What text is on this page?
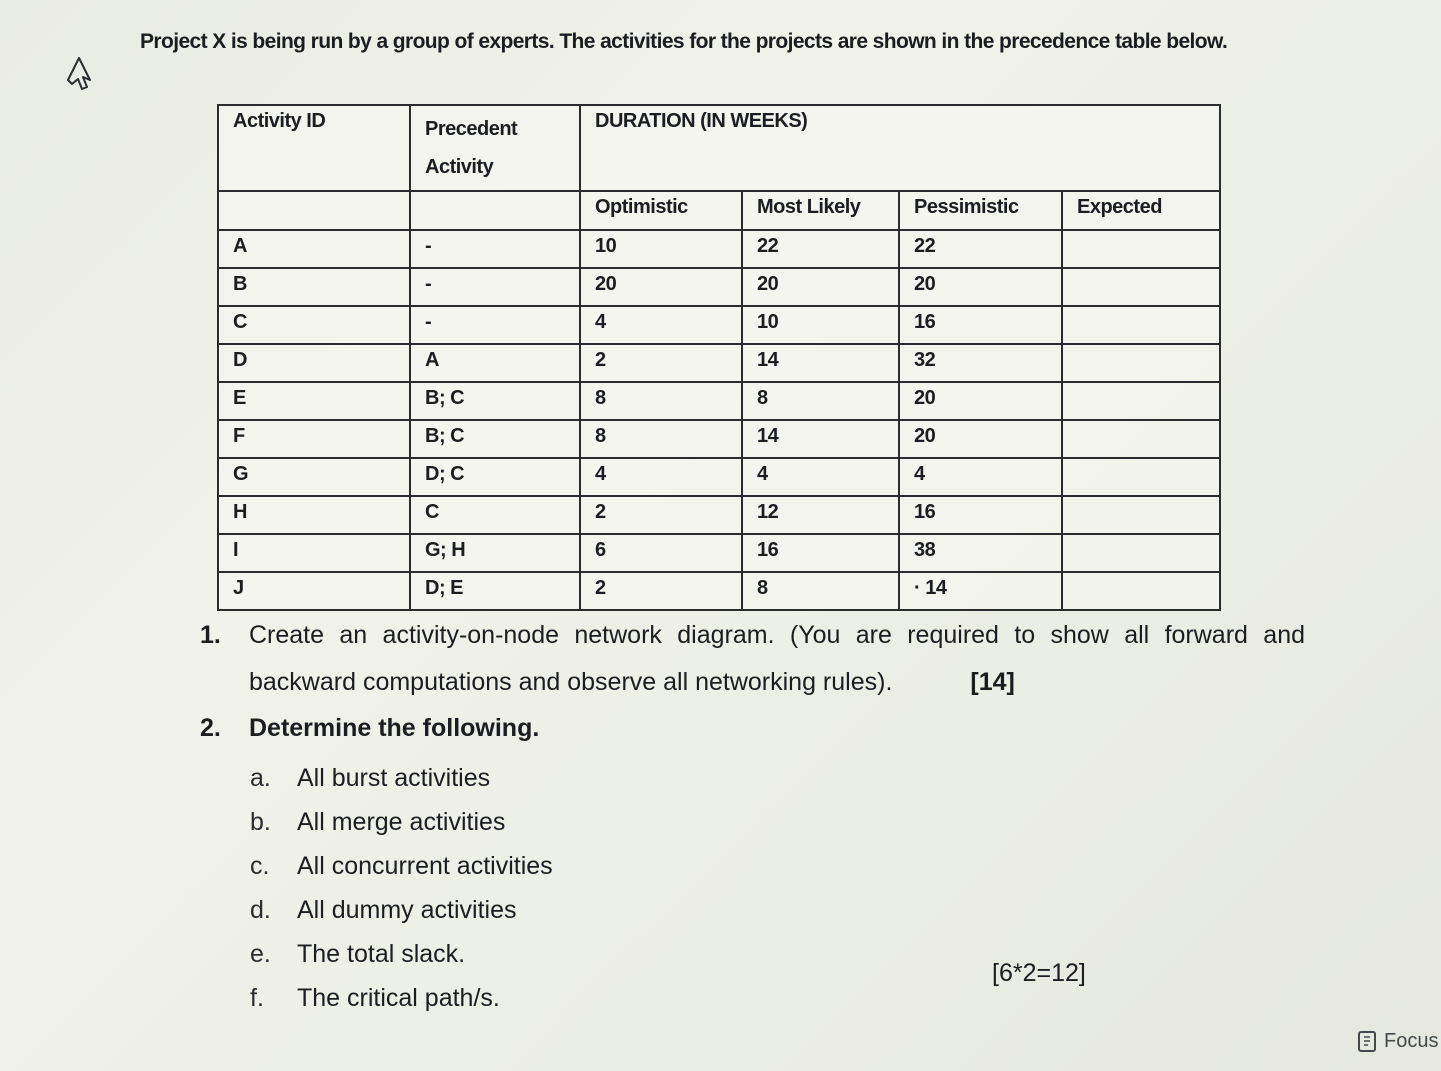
Project X is being run by a group of experts. The activities for the projects are shown in the precedence table below.

Activity ID	Precedent Activity	DURATION (IN WEEKS)			
		Optimistic	Most Likely	Pessimistic	Expected
A	-	10	22	22	
B	-	20	20	20	
C	-	4	10	16	
D	A	2	14	32	
E	B; C	8	8	20	
F	B; C	8	14	20	
G	D; C	4	4	4	
H	C	2	12	16	
I	G; H	6	16	38	
J	D; E	2	8	· 14	
1.	Create an activity-on-node network diagram. (You are required to show all forward and backward computations and observe all networking rules).	[14]
2.	Determine the following.
a.	All burst activities
b.	All merge activities
c.	All concurrent activities
d.	All dummy activities
e.	The total slack.
f.	The critical path/s.
[6*2=12]
Focus
